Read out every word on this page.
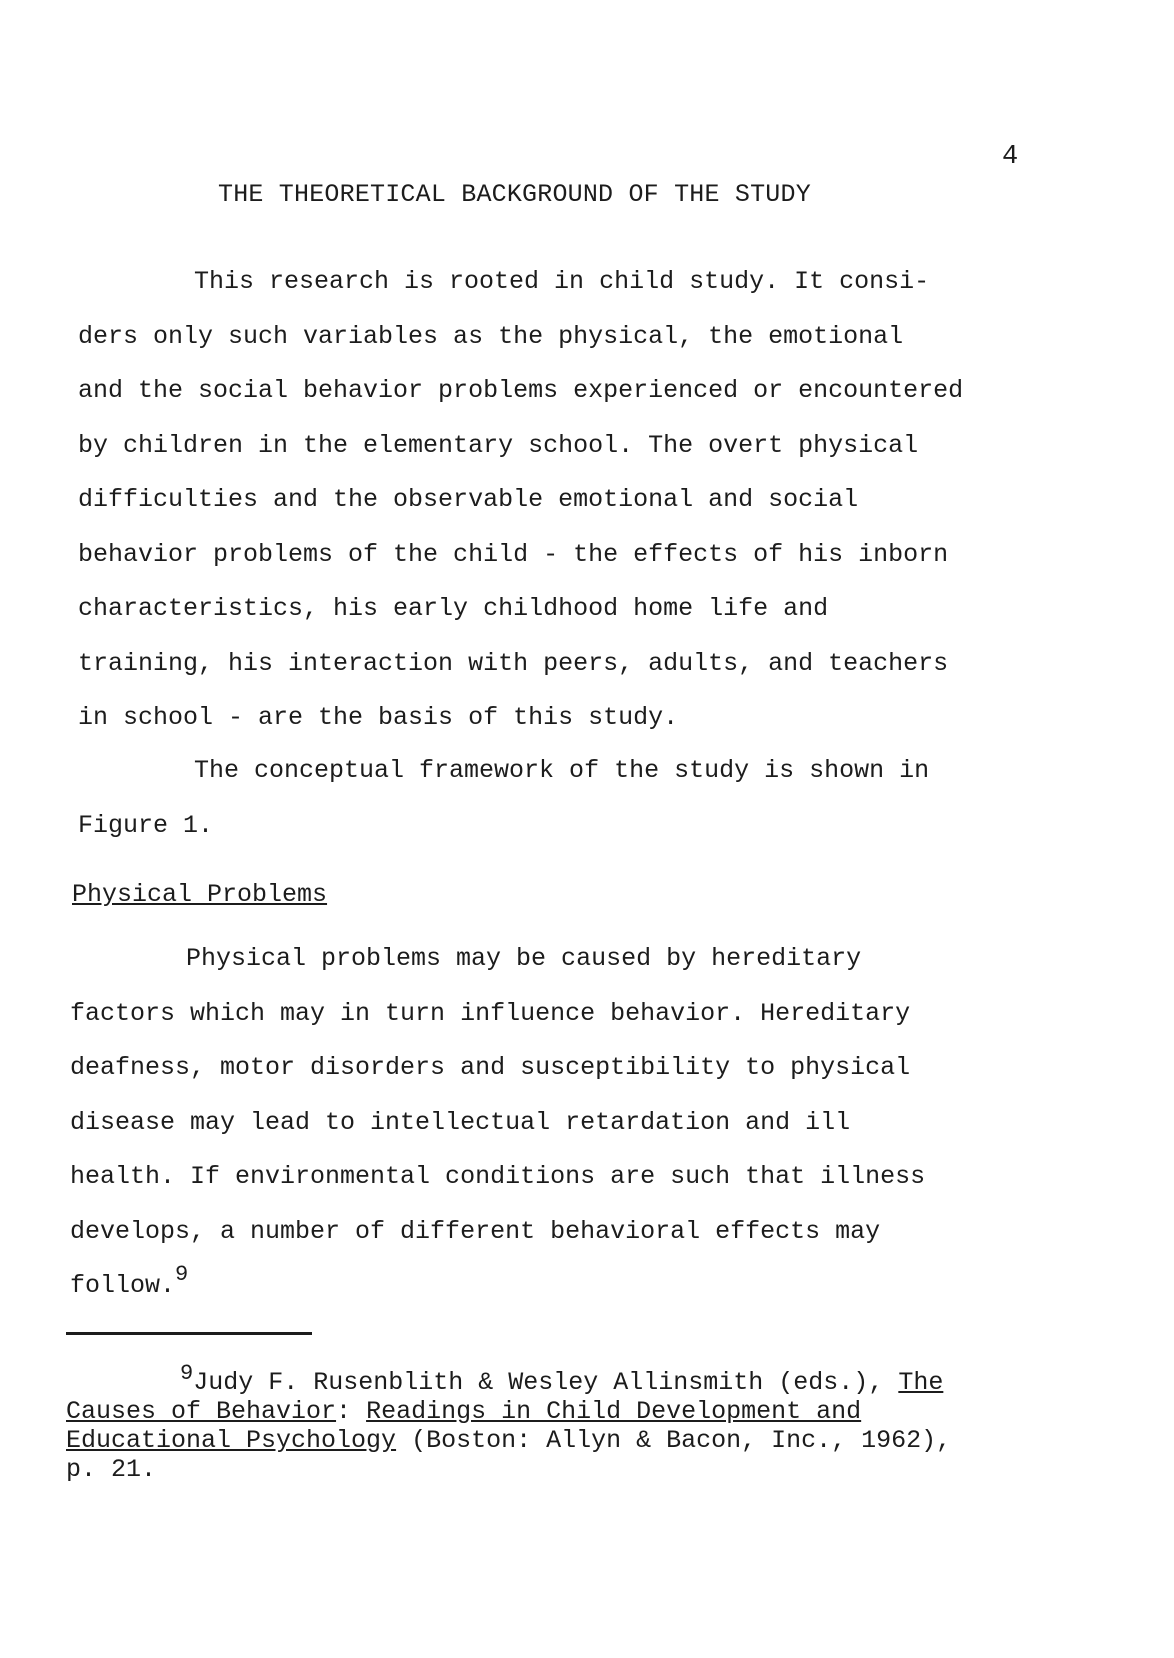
4
THE THEORETICAL BACKGROUND OF THE STUDY
This research is rooted in child study. It consi-
ders only such variables as the physical, the emotional
and the social behavior problems experienced or encountered
by children in the elementary school. The overt physical
difficulties and the observable emotional and social
behavior problems of the child - the effects of his inborn
characteristics, his early childhood home life and
training, his interaction with peers, adults, and teachers
in school - are the basis of this study.
The conceptual framework of the study is shown in
Figure 1.
Physical Problems
Physical problems may be caused by hereditary
factors which may in turn influence behavior. Hereditary
deafness, motor disorders and susceptibility to physical
disease may lead to intellectual retardation and ill
health. If environmental conditions are such that illness
develops, a number of different behavioral effects may
follow.$^9$
$^9$Judy F. Rusenblith & Wesley Allinsmith (eds.), The
Causes of Behavior: Readings in Child Development and
Educational Psychology (Boston: Allyn & Bacon, Inc., 1962),
p. 21.
